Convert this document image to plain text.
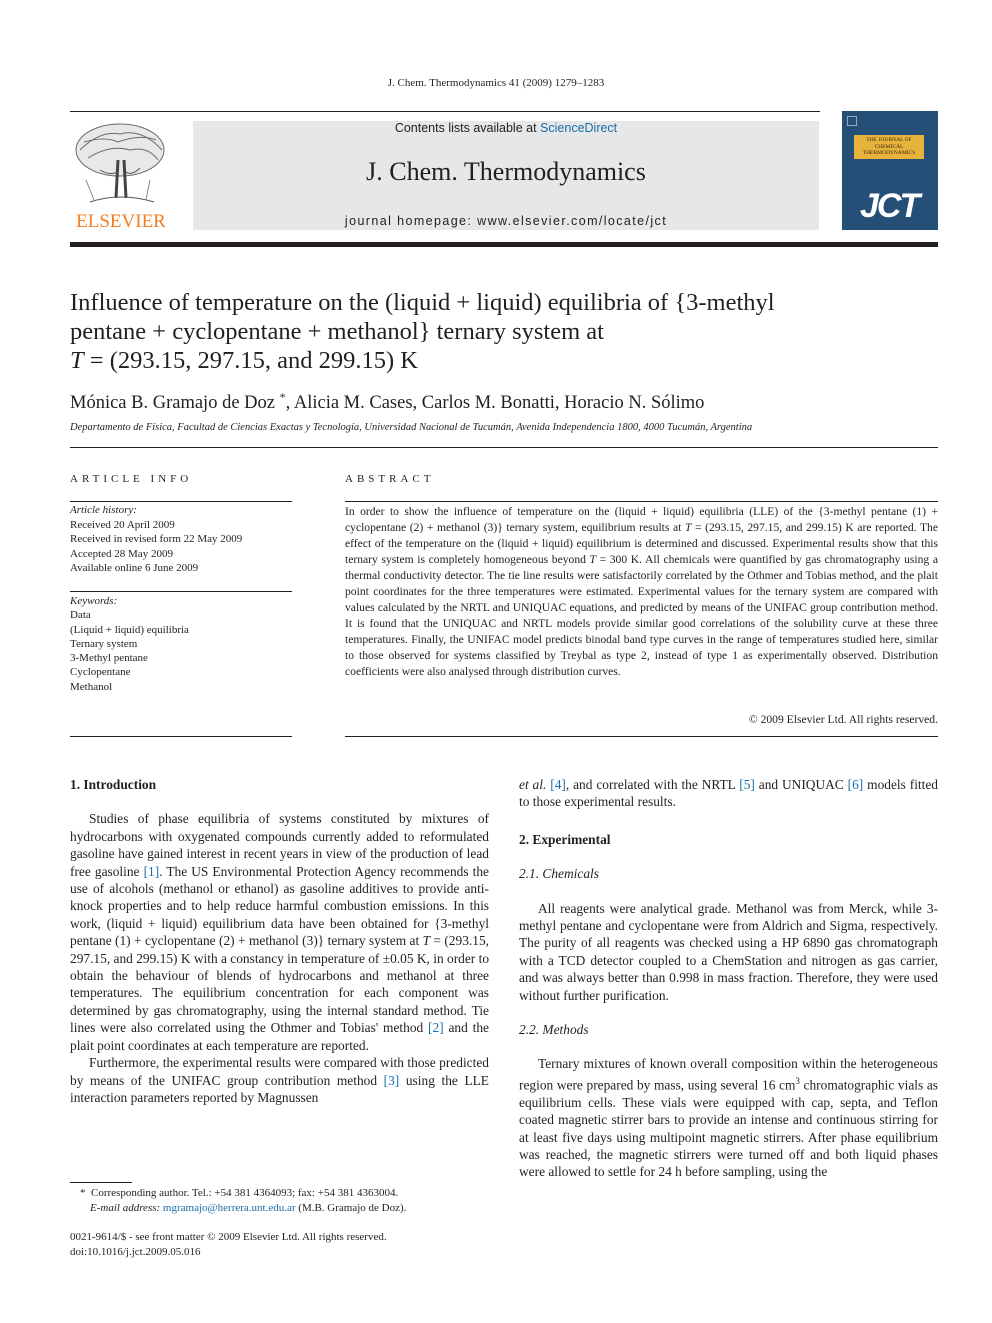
J. Chem. Thermodynamics 41 (2009) 1279–1283
ELSEVIER
Contents lists available at ScienceDirect
J. Chem. Thermodynamics
journal homepage: www.elsevier.com/locate/jct
THE JOURNAL OF CHEMICAL THERMODYNAMICS
JCT
Influence of temperature on the (liquid + liquid) equilibria of {3-methyl
pentane + cyclopentane + methanol} ternary system at
T = (293.15, 297.15, and 299.15) K
Mónica B. Gramajo de Doz *, Alicia M. Cases, Carlos M. Bonatti, Horacio N. Sólimo
Departamento de Física, Facultad de Ciencias Exactas y Tecnología, Universidad Nacional de Tucumán, Avenida Independencia 1800, 4000 Tucumán, Argentina
ARTICLE INFO
Article history:
Received 20 April 2009
Received in revised form 22 May 2009
Accepted 28 May 2009
Available online 6 June 2009
Keywords:
Data
(Liquid + liquid) equilibria
Ternary system
3-Methyl pentane
Cyclopentane
Methanol
ABSTRACT
In order to show the influence of temperature on the (liquid + liquid) equilibria (LLE) of the {3-methyl pentane (1) + cyclopentane (2) + methanol (3)} ternary system, equilibrium results at T = (293.15, 297.15, and 299.15) K are reported. The effect of the temperature on the (liquid + liquid) equilibrium is determined and discussed. Experimental results show that this ternary system is completely homogeneous beyond T = 300 K. All chemicals were quantified by gas chromatography using a thermal conductivity detector. The tie line results were satisfactorily correlated by the Othmer and Tobias method, and the plait point coordinates for the three temperatures were estimated. Experimental values for the ternary system are compared with values calculated by the NRTL and UNIQUAC equations, and predicted by means of the UNIFAC group contribution method. It is found that the UNIQUAC and NRTL models provide similar good correlations of the solubility curve at these three temperatures. Finally, the UNIFAC model predicts binodal band type curves in the range of temperatures studied here, similar to those observed for systems classified by Treybal as type 2, instead of type 1 as experimentally observed. Distribution coefficients were also analysed through distribution curves.
© 2009 Elsevier Ltd. All rights reserved.
1. Introduction

Studies of phase equilibria of systems constituted by mixtures of hydrocarbons with oxygenated compounds currently added to reformulated gasoline have gained interest in recent years in view of the production of lead free gasoline [1]. The US Environmental Protection Agency recommends the use of alcohols (methanol or ethanol) as gasoline additives to provide anti-knock properties and to help reduce harmful combustion emissions. In this work, (liquid + liquid) equilibrium data have been obtained for {3-methyl pentane (1) + cyclopentane (2) + methanol (3)} ternary system at T = (293.15, 297.15, and 299.15) K with a constancy in temperature of ±0.05 K, in order to obtain the behaviour of blends of hydrocarbons and methanol at three temperatures. The equilibrium concentration for each component was determined by gas chromatography, using the internal standard method. Tie lines were also correlated using the Othmer and Tobias' method [2] and the plait point coordinates at each temperature are reported.

Furthermore, the experimental results were compared with those predicted by means of the UNIFAC group contribution method [3] using the LLE interaction parameters reported by Magnussen

et al. [4], and correlated with the NRTL [5] and UNIQUAC [6] models fitted to those experimental results.

2. Experimental
2.1. Chemicals

All reagents were analytical grade. Methanol was from Merck, while 3-methyl pentane and cyclopentane were from Aldrich and Sigma, respectively. The purity of all reagents was checked using a HP 6890 gas chromatograph with a TCD detector coupled to a ChemStation and nitrogen as gas carrier, and was always better than 0.998 in mass fraction. Therefore, they were used without further purification.

2.2. Methods

Ternary mixtures of known overall composition within the heterogeneous region were prepared by mass, using several 16 $cm^3$ chromatographic vials as equilibrium cells. These vials were equipped with cap, septa, and Teflon coated magnetic stirrer bars to provide an intense and continuous stirring for at least five days using multipoint magnetic stirrers. After phase equilibrium was reached, the magnetic stirrers were turned off and both liquid phases were allowed to settle for 24 h before sampling, using the

* Corresponding author. Tel.: +54 381 4364093; fax: +54 381 4363004.
E-mail address: mgramajo@herrera.unt.edu.ar (M.B. Gramajo de Doz).
0021-9614/$ - see front matter © 2009 Elsevier Ltd. All rights reserved.
doi:10.1016/j.jct.2009.05.016
